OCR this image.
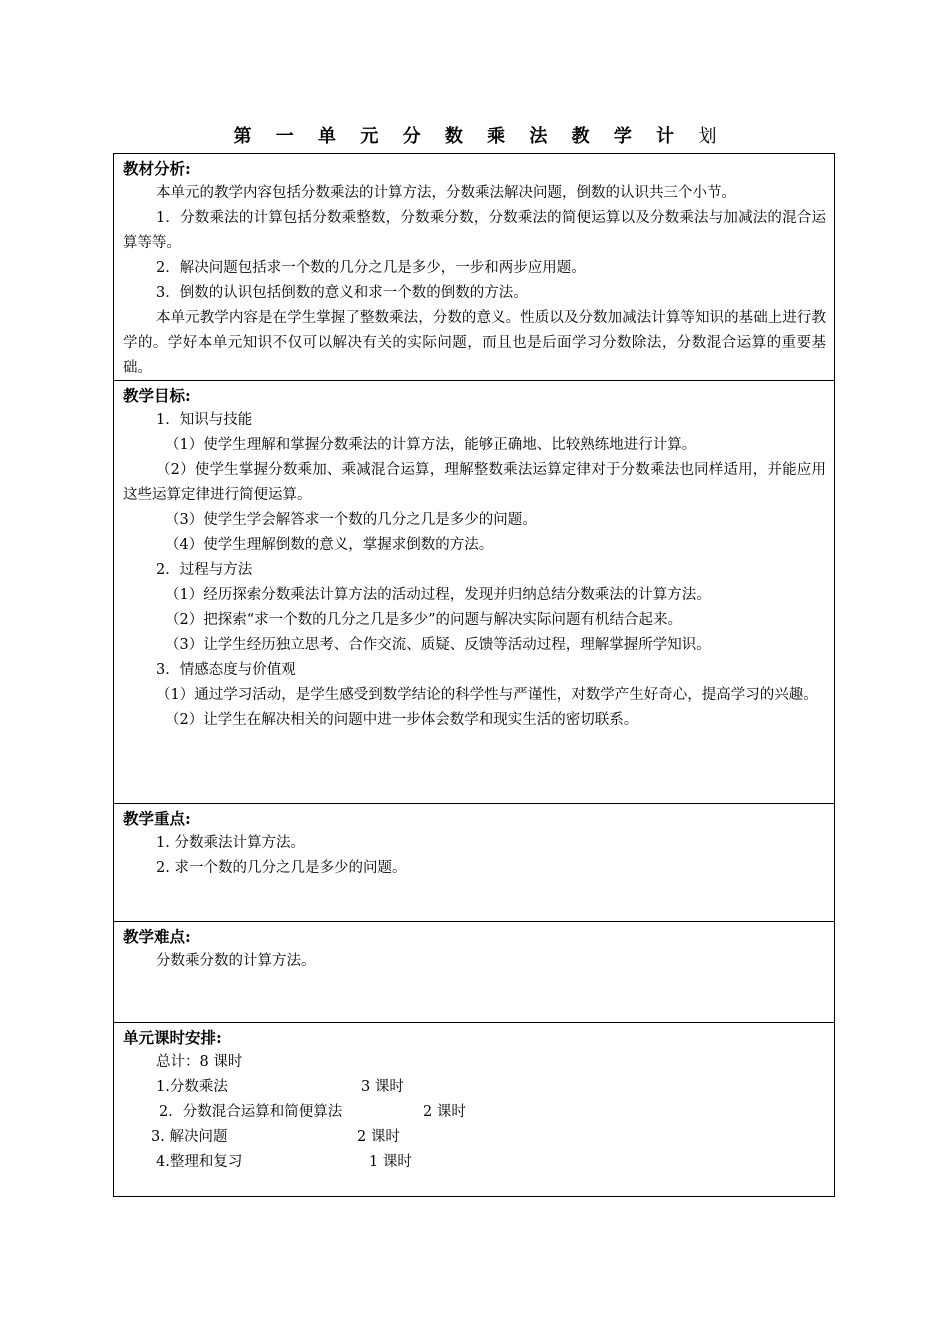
第 一 单 元 分 数 乘 法 教 学 计 划
教材分析:
本单元的教学内容包括分数乘法的计算方法，分数乘法解决问题，倒数的认识共三个小节。
1．分数乘法的计算包括分数乘整数，分数乘分数，分数乘法的简便运算以及分数乘法与加减法的混合运算等等。
2．解决问题包括求一个数的几分之几是多少，一步和两步应用题。
3．倒数的认识包括倒数的意义和求一个数的倒数的方法。
本单元教学内容是在学生掌握了整数乘法，分数的意义。性质以及分数加减法计算等知识的基础上进行教学的。学好本单元知识不仅可以解决有关的实际问题，而且也是后面学习分数除法，分数混合运算的重要基础。
教学目标:
1．知识与技能
（1）使学生理解和掌握分数乘法的计算方法，能够正确地、比较熟练地进行计算。
（2）使学生掌握分数乘加、乘减混合运算，理解整数乘法运算定律对于分数乘法也同样适用，并能应用这些运算定律进行简便运算。
（3）使学生学会解答求一个数的几分之几是多少的问题。
（4）使学生理解倒数的意义，掌握求倒数的方法。
2．过程与方法
（1）经历探索分数乘法计算方法的活动过程，发现并归纳总结分数乘法的计算方法。
（2）把探索“求一个数的几分之几是多少”的问题与解决实际问题有机结合起来。
（3）让学生经历独立思考、合作交流、质疑、反馈等活动过程，理解掌握所学知识。
3．情感态度与价值观
（1）通过学习活动，是学生感受到数学结论的科学性与严谨性，对数学产生好奇心，提高学习的兴趣。
（2）让学生在解决相关的问题中进一步体会数学和现实生活的密切联系。
教学重点:
1. 分数乘法计算方法。
2. 求一个数的几分之几是多少的问题。
教学难点:
分数乘分数的计算方法。
单元课时安排:
总计：8 课时
1.分数乘法	3 课时
2．分数混合运算和简便算法	2 课时
3. 解决问题	2 课时
4.整理和复习	1 课时
